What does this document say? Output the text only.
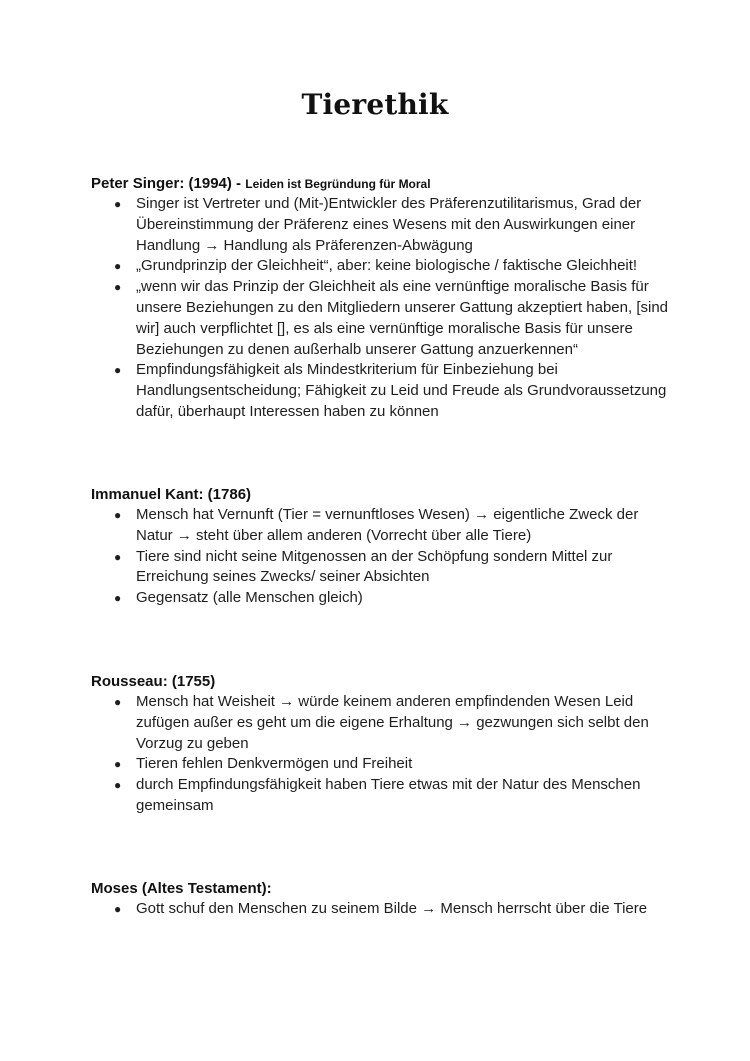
Tierethik
Peter Singer: (1994) - Leiden ist Begründung für Moral
● Singer ist Vertreter und (Mit-)Entwickler des Präferenzutilitarismus, Grad der Übereinstimmung der Präferenz eines Wesens mit den Auswirkungen einer Handlung → Handlung als Präferenzen-Abwägung
● „Grundprinzip der Gleichheit“, aber: keine biologische / faktische Gleichheit!
● „wenn wir das Prinzip der Gleichheit als eine vernünftige moralische Basis für unsere Beziehungen zu den Mitgliedern unserer Gattung akzeptiert haben, [sind wir] auch verpflichtet [], es als eine vernünftige moralische Basis für unsere Beziehungen zu denen außerhalb unserer Gattung anzuerkennen“
● Empfindungsfähigkeit als Mindestkriterium für Einbeziehung bei Handlungsentscheidung; Fähigkeit zu Leid und Freude als Grundvoraussetzung dafür, überhaupt Interessen haben zu können
Immanuel Kant: (1786)
● Mensch hat Vernunft (Tier = vernunftloses Wesen) → eigentliche Zweck der Natur → steht über allem anderen (Vorrecht über alle Tiere)
● Tiere sind nicht seine Mitgenossen an der Schöpfung sondern Mittel zur Erreichung seines Zwecks/ seiner Absichten
● Gegensatz (alle Menschen gleich)
Rousseau: (1755)
● Mensch hat Weisheit → würde keinem anderen empfindenden Wesen Leid zufügen außer es geht um die eigene Erhaltung → gezwungen sich selbt den Vorzug zu geben
● Tieren fehlen Denkvermögen und Freiheit
● durch Empfindungsfähigkeit haben Tiere etwas mit der Natur des Menschen gemeinsam
Moses (Altes Testament):
● Gott schuf den Menschen zu seinem Bilde → Mensch herrscht über die Tiere
